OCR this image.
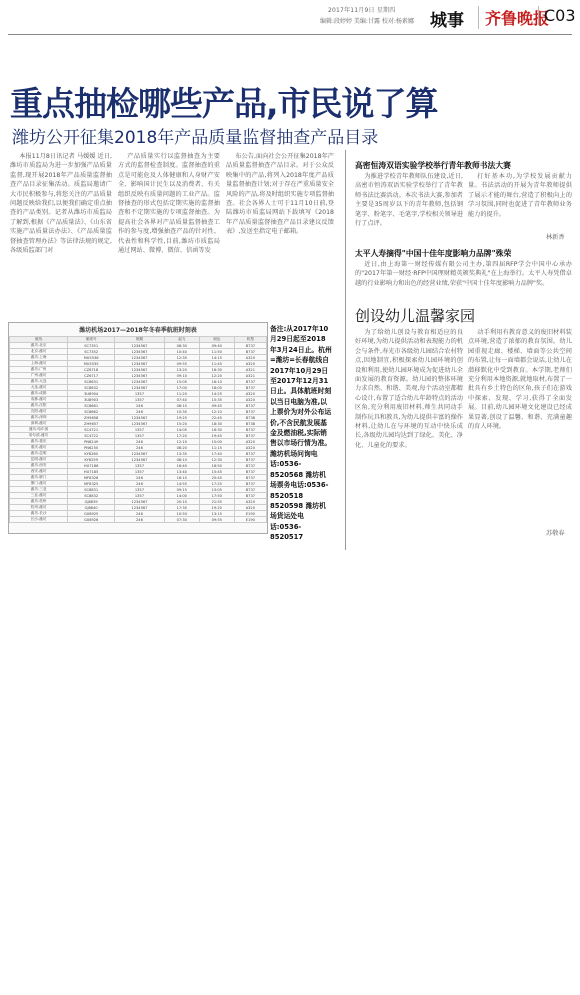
2017年11月9日 星期四
编辑:段婷婷 美编:甘露 校对:杨素娜 城事	齐鲁晚报
C03
重点抽检哪些产品,市民说了算
潍坊公开征集2018年产品质量监督抽查产品目录

本报11月8日讯记者 马媛媛 近日,潍坊市质监局为进一步加强产品质量监督,现开展2018年产品质量监督抽查产品目录征集活动。质监局邀请广大市民积极参与,将您关注的产品质量问题反映给我们,以便我们确定重点抽查的产品类别。记者从潍坊市质监局了解到,根据《产品质量法》、《山东省实施产品质量法办法》、《产品质量监督抽查管理办法》等法律法规的规定,各级质监部门对

产品质量实行以监督抽查为主要方式的监督检查制度。监督抽查的重点是可能危及人体健康和人身财产安全、影响国计民生以及消费者、有关组织反映有质量问题的工业产品。监督抽查的形式包括定期实施的监督抽查和不定期实施的专项监督抽查。为提高社会各界对产品质量监督抽查工作的参与度,增强抽查产品的针对性、代表性和科学性,目前,潍坊市质监局通过网站、微博、微信、信函等发

布公告,面向社会公开征集2018年产品质量监督抽查产品目录。对于公众反映集中的产品,将列入2018年度产品质量监督抽查计划;对于存在严重质量安全风险的产品,将及时组织实施专项监督抽查。社会各界人士可于11月10日前,登陆潍坊市质监局网站下载填写《2018年产品质量监督抽查产品目录建议反馈表》,发送至指定电子邮箱。

潍坊机场2017—2018年冬春季航班时刻表
航线	航班号	班期	起飞	到达	机型
潍坊-北京	SC7351	1234567	08:30	09:40	B737
北京-潍坊	SC7352	1234567	10:40	11:50	B737
潍坊-上海	MU5536	1234567	12:35	14:15	A320
上海-潍坊	MU5535	1234567	09:55	11:45	A320
潍坊-广州	CZ6718	1234567	13:20	16:30	A321
广州-潍坊	CZ6717	1234567	09:10	12:20	A321
潍坊-大连	SC8631	1234567	15:05	16:10	B737
大连-潍坊	SC8632	1234567	17:00	18:05	B737
潍坊-成都	3U8904	1357	11:20	14:25	A320
成都-潍坊	3U8903	1357	07:40	10:35	A320
潍坊-沈阳	SC8661	246	08:10	09:45	B737
沈阳-潍坊	SC8662	246	10:35	12:10	B737
潍坊-深圳	ZH9658	1234567	19:25	22:45	B738
深圳-潍坊	ZH9657	1234567	15:20	18:30	B738
潍坊-哈尔滨	SC4721	1357	14:05	16:30	B737
哈尔滨-潍坊	SC4722	1357	17:20	19:45	B737
潍坊-重庆	PN6249	246	12:10	15:00	A320
重庆-潍坊	PN6250	246	08:20	11:15	A320
潍坊-昆明	KY8260	1234567	13:35	17:40	B737
昆明-潍坊	KY8259	1234567	08:10	12:30	B737
潍坊-西安	HU7186	1357	16:40	18:50	B737
西安-潍坊	HU7185	1357	13:40	15:45	B737
潍坊-厦门	MF8326	246	18:10	20:45	B737
厦门-潍坊	MF8325	246	14:55	17:25	B737
潍坊-三亚	SC8831	1357	09:15	13:05	B737
三亚-潍坊	SC8832	1357	14:00	17:50	B737
潍坊-杭州	GJ8839	1234567	20:10	21:55	A320
杭州-潍坊	GJ8840	1234567	17:35	19:20	A320
潍坊-长沙	GX8925	246	10:50	13:15	E190
长沙-潍坊	GX8926	246	07:30	09:55	E190
备注:从2017年10月29日起至2018年3月24日止。杭州=潍坊=长春航线自2017年10月29日至2017年12月31日止。具体航班时刻以当日电脑为准,以上票价为对外公布运价,不含民航发展基金及燃油税,实际销售以市场行情为准。潍坊机场问询电话:0536-8520568 潍坊机场票务电话:0536-8520518 8520598 潍坊机场货运处电话:0536-8520517
高密恒涛双语实验学校举行青年教师书法大赛

为推进学校青年教师队伍建设,近日,高密市恒涛双语实验学校举行了青年教师书法比赛活动。本次书法大赛,参加者主要是35周岁以下的青年教师,包括钢笔字、粉笔字、毛笔字,学校相关领导进行了点评。

打好基本功,为学校发展贡献力量。书法活动的开展为青年教师提供了展示才能的舞台,营造了积极向上的学习氛围,同时也促进了青年教师业务能力的提升。

林新香
太平人寿摘得"中国十佳年度影响力品牌"殊荣

近日,由上海第一财经传媒有限公司主办,第四届RFP学会中国中心承办的"2017年第一财经·RFP中国理财精英颁奖典礼"在上海举行。太平人寿凭借卓越的行业影响力和出色的经营业绩,荣获"中国十佳年度影响力品牌"奖。

创设幼儿温馨家园

为了给幼儿创设与教育相适应的良好环境,为幼儿提供活动和表现能力的机会与条件,寿光市各级幼儿园结合农村特点,因地制宜,积极探索幼儿园环境的创设和利用,使幼儿园环境成为促进幼儿全面发展的教育资源。幼儿园的整体环境力求自然、和谐、美观,每个活动室都精心设计,布置了适合幼儿年龄特点的活动区角,充分利用废旧材料,师生共同动手制作玩具和教具,为幼儿提供丰富的操作材料,让幼儿在与环境的互动中快乐成长,各级幼儿园均达到了绿化、美化、净化、儿童化的要求。

动手利用有教育意义的废旧材料装点环境,营造了浓郁的教育氛围。幼儿园重视走廊、楼梯、墙面等公共空间的布置,让每一面墙都会说话,让幼儿在潜移默化中受到教育。本学期,老师们充分利用本地资源,就地取材,布置了一批具有乡土特色的区角,孩子们在游戏中探索、发现、学习,获得了全面发展。目前,幼儿园环境文化建设已经成果显著,创设了温馨、和谐、充满童趣的育人环境。

苏敬春
